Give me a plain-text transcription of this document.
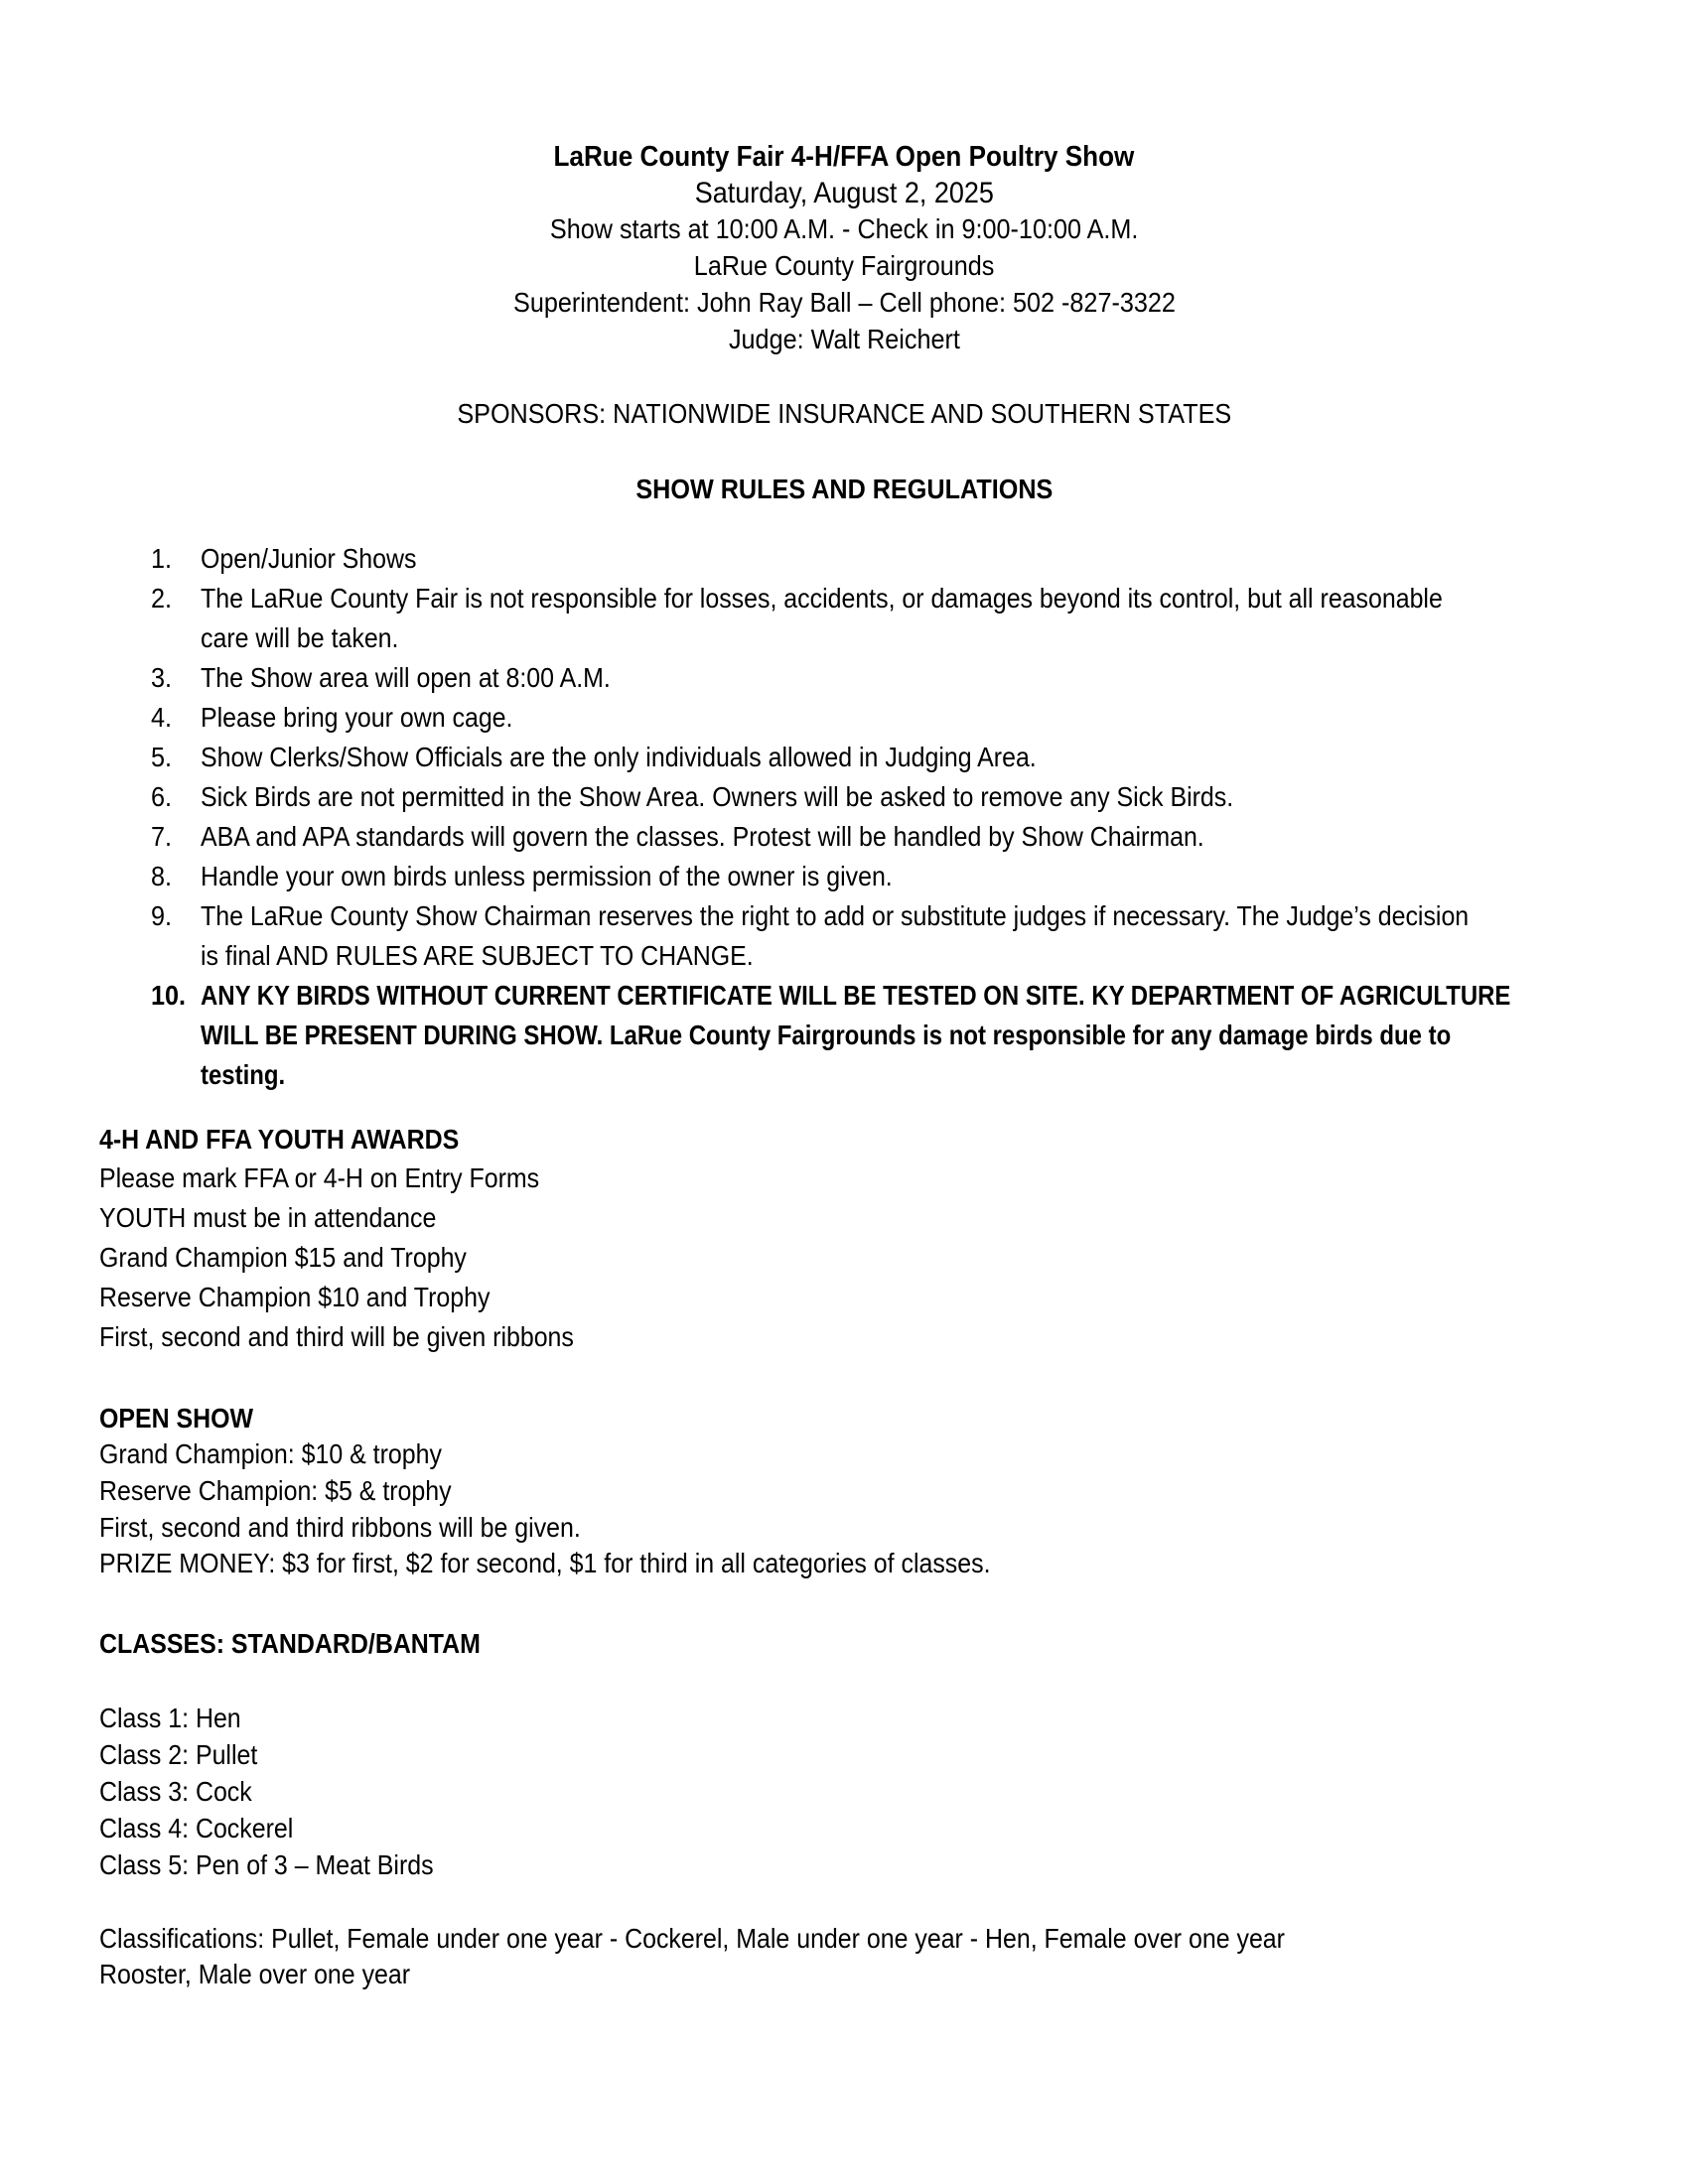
LaRue County Fair 4-H/FFA Open Poultry Show
Saturday, August 2, 2025
Show starts at 10:00 A.M. - Check in 9:00-10:00 A.M.
LaRue County Fairgrounds
Superintendent: John Ray Ball – Cell phone: 502 -827-3322
Judge: Walt Reichert
SPONSORS: NATIONWIDE INSURANCE AND SOUTHERN STATES
SHOW RULES AND REGULATIONS
1. Open/Junior Shows
2. The LaRue County Fair is not responsible for losses, accidents, or damages beyond its control, but all reasonable
care will be taken.
3. The Show area will open at 8:00 A.M.
4. Please bring your own cage.
5. Show Clerks/Show Officials are the only individuals allowed in Judging Area.
6. Sick Birds are not permitted in the Show Area. Owners will be asked to remove any Sick Birds.
7. ABA and APA standards will govern the classes. Protest will be handled by Show Chairman.
8. Handle your own birds unless permission of the owner is given.
9. The LaRue County Show Chairman reserves the right to add or substitute judges if necessary. The Judge’s decision
is final AND RULES ARE SUBJECT TO CHANGE.
10. ANY KY BIRDS WITHOUT CURRENT CERTIFICATE WILL BE TESTED ON SITE. KY DEPARTMENT OF AGRICULTURE
WILL BE PRESENT DURING SHOW. LaRue County Fairgrounds is not responsible for any damage birds due to
testing.
4-H AND FFA YOUTH AWARDS
Please mark FFA or 4-H on Entry Forms
YOUTH must be in attendance
Grand Champion $15 and Trophy
Reserve Champion $10 and Trophy
First, second and third will be given ribbons
OPEN SHOW
Grand Champion: $10 & trophy
Reserve Champion: $5 & trophy
First, second and third ribbons will be given.
PRIZE MONEY: $3 for first, $2 for second, $1 for third in all categories of classes.
CLASSES: STANDARD/BANTAM
Class 1: Hen
Class 2: Pullet
Class 3: Cock
Class 4: Cockerel
Class 5: Pen of 3 – Meat Birds
Classifications: Pullet, Female under one year - Cockerel, Male under one year - Hen, Female over one year
Rooster, Male over one year
